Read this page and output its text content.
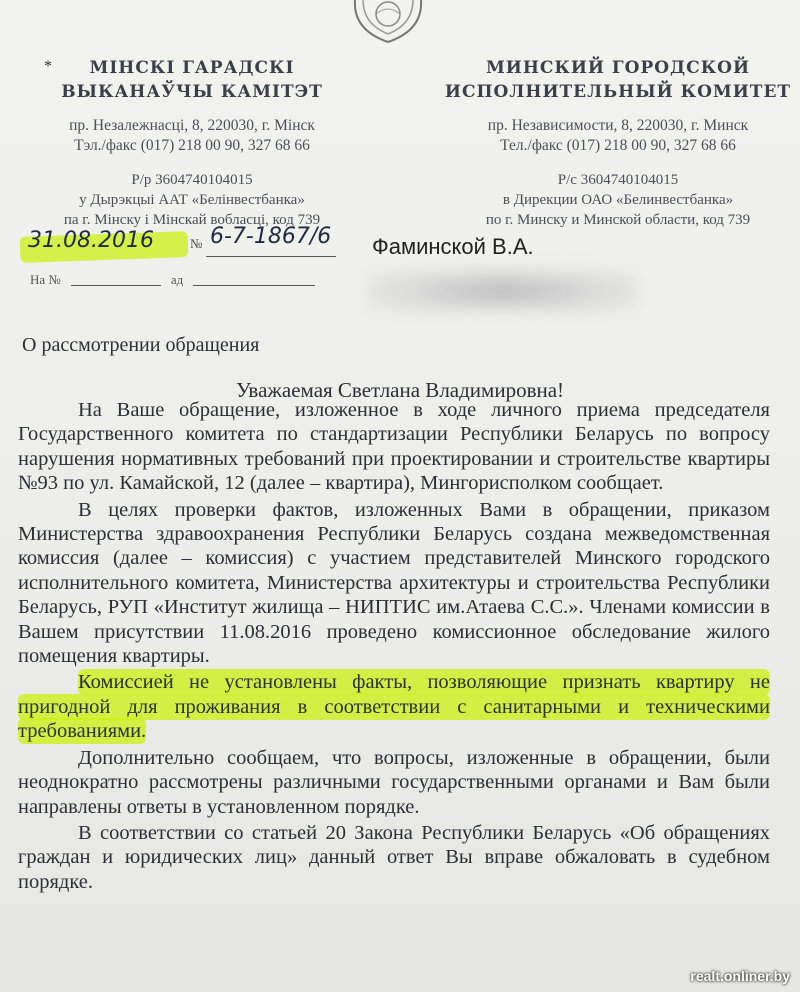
*	МІНСКІ ГАРАДСКІ
ВЫКАНАЎЧЫ КАМІТЭТ
пр. Незалежнасці, 8, 220030, г. Мінск
Тэл./факс (017) 218 00 90, 327 68 66
Р/р 3604740104015
у Дырэкцыі ААТ «Белінвестбанка»
па г. Мінску і Мінскай вобласці, код 739
МИНСКИЙ ГОРОДСКОЙ
ИСПОЛНИТЕЛЬНЫЙ КОМИТЕТ
пр. Независимости, 8, 220030, г. Минск
Тел./факс (017) 218 00 90, 327 68 66
Р/с 3604740104015
в Дирекции ОАО «Белинвестбанка»
по г. Минску и Минской области, код 739
31.08.2016	№ 6-7-1867/6
На №	ад
Фаминской В.А.
О рассмотрении обращения
Уважаемая Светлана Владимировна!

На Ваше обращение, изложенное в ходе личного приема председателя Государственного комитета по стандартизации Республики Беларусь по вопросу нарушения нормативных требований при проектировании и строительстве квартиры №93 по ул. Камайской, 12 (далее – квартира), Мингорисполком сообщает.

В целях проверки фактов, изложенных Вами в обращении, приказом Министерства здравоохранения Республики Беларусь создана межведомственная комиссия (далее – комиссия) с участием представителей Минского городского исполнительного комитета, Министерства архитектуры и строительства Республики Беларусь, РУП «Институт жилища – НИПТИС им.Атаева С.С.». Членами комиссии в Вашем присутствии 11.08.2016 проведено комиссионное обследование жилого помещения квартиры.

Комиссией не установлены факты, позволяющие признать квартиру не пригодной для проживания в соответствии с санитарными и техническими требованиями.

Дополнительно сообщаем, что вопросы, изложенные в обращении, были неоднократно рассмотрены различными государственными органами и Вам были направлены ответы в установленном порядке.

В соответствии со статьей 20 Закона Республики Беларусь «Об обращениях граждан и юридических лиц» данный ответ Вы вправе обжаловать в судебном порядке.

realt.onliner.by
